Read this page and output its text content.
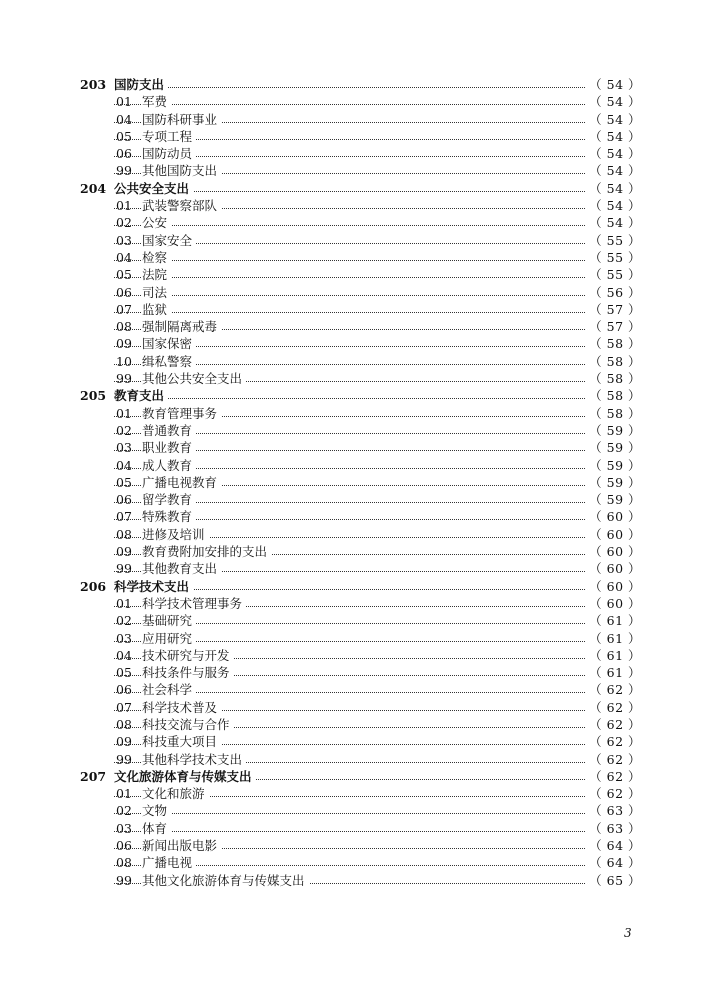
203 国防支出	（ 54 ）
01 军费	（ 54 ）
04 国防科研事业	（ 54 ）
05 专项工程	（ 54 ）
06 国防动员	（ 54 ）
99 其他国防支出	（ 54 ）
204 公共安全支出	（ 54 ）
01 武装警察部队	（ 54 ）
02 公安	（ 54 ）
03 国家安全	（ 55 ）
04 检察	（ 55 ）
05 法院	（ 55 ）
06 司法	（ 56 ）
07 监狱	（ 57 ）
08 强制隔离戒毒	（ 57 ）
09 国家保密	（ 58 ）
10 缉私警察	（ 58 ）
99 其他公共安全支出	（ 58 ）
205 教育支出	（ 58 ）
01 教育管理事务	（ 58 ）
02 普通教育	（ 59 ）
03 职业教育	（ 59 ）
04 成人教育	（ 59 ）
05 广播电视教育	（ 59 ）
06 留学教育	（ 59 ）
07 特殊教育	（ 60 ）
08 进修及培训	（ 60 ）
09 教育费附加安排的支出	（ 60 ）
99 其他教育支出	（ 60 ）
206 科学技术支出	（ 60 ）
01 科学技术管理事务	（ 60 ）
02 基础研究	（ 61 ）
03 应用研究	（ 61 ）
04 技术研究与开发	（ 61 ）
05 科技条件与服务	（ 61 ）
06 社会科学	（ 62 ）
07 科学技术普及	（ 62 ）
08 科技交流与合作	（ 62 ）
09 科技重大项目	（ 62 ）
99 其他科学技术支出	（ 62 ）
207 文化旅游体育与传媒支出	（ 62 ）
01 文化和旅游	（ 62 ）
02 文物	（ 63 ）
03 体育	（ 63 ）
06 新闻出版电影	（ 64 ）
08 广播电视	（ 64 ）
99 其他文化旅游体育与传媒支出	（ 65 ）
3
